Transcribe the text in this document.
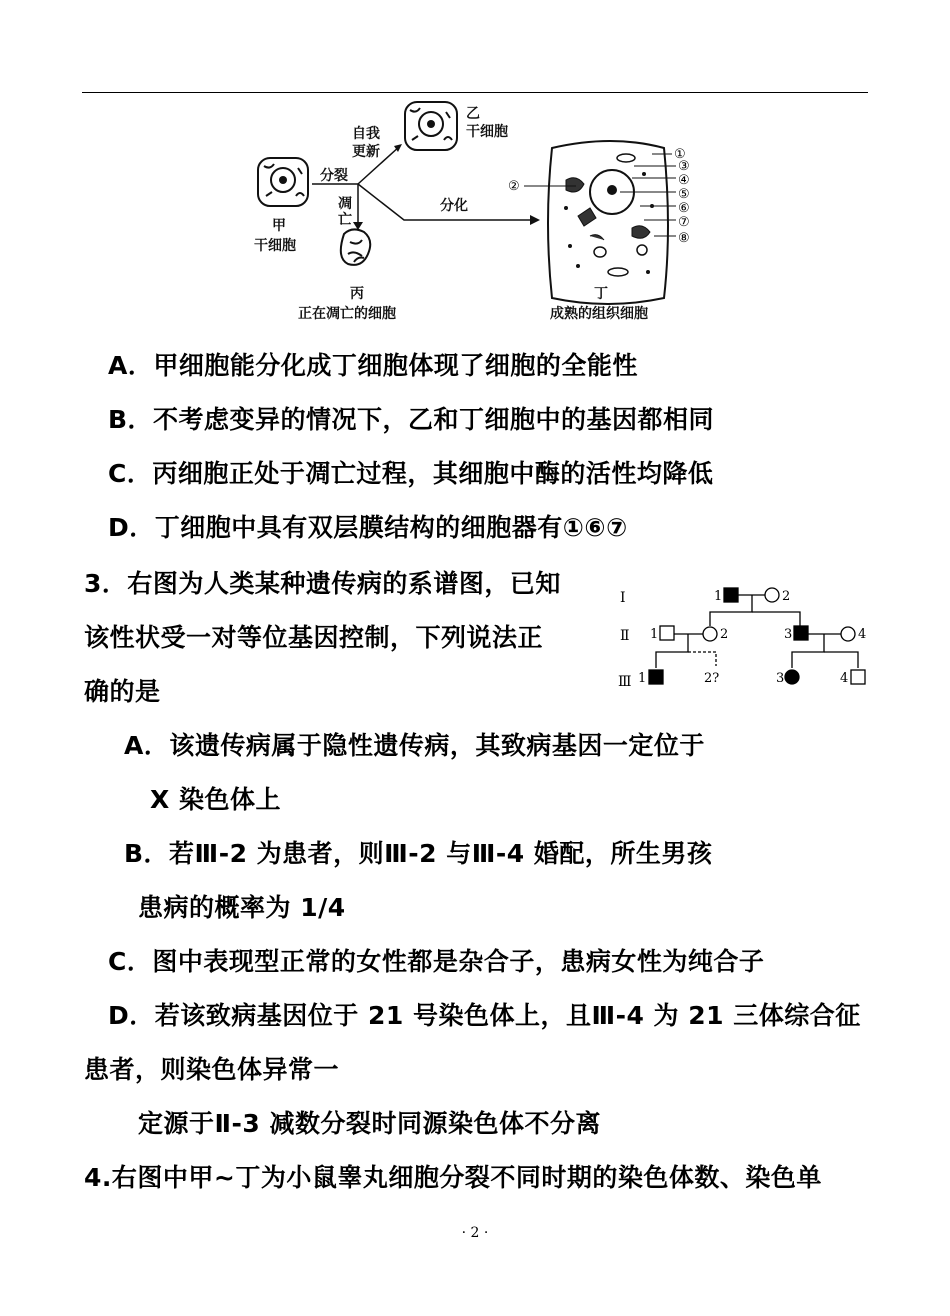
甲
干细胞
乙
干细胞
丙
正在凋亡的细胞
自我
更新
分裂
凋
亡
分化
丁
成熟的组织细胞
①
②
③
④
⑤
⑥
⑦
⑧
A．甲细胞能分化成丁细胞体现了细胞的全能性
B．不考虑变异的情况下，乙和丁细胞中的基因都相同
C．丙细胞正处于凋亡过程，其细胞中酶的活性均降低
D．丁细胞中具有双层膜结构的细胞器有①⑥⑦
3．右图为人类某种遗传病的系谱图，已知
该性状受一对等位基因控制，下列说法正
确的是
Ⅰ
Ⅱ
Ⅲ
1	2
1	2	3	4
1	2?	3	4
A．该遗传病属于隐性遗传病，其致病基因一定位于
X 染色体上
B．若Ⅲ-2 为患者，则Ⅲ-2 与Ⅲ-4 婚配，所生男孩
患病的概率为 1/4
C．图中表现型正常的女性都是杂合子，患病女性为纯合子
D．若该致病基因位于 21 号染色体上，且Ⅲ-4 为 21 三体综合征
患者，则染色体异常一
定源于Ⅱ-3 减数分裂时同源染色体不分离
4.右图中甲~丁为小鼠睾丸细胞分裂不同时期的染色体数、染色单
· 2 ·
